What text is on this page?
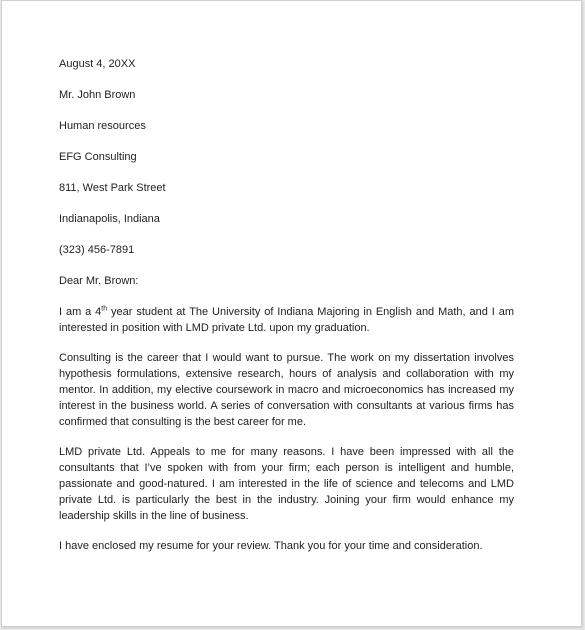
August 4, 20XX
Mr. John Brown
Human resources
EFG Consulting
811, West Park Street
Indianapolis, Indiana
(323) 456-7891
Dear Mr. Brown:
I am a 4th year student at The University of Indiana Majoring in English and Math, and I am interested in position with LMD private Ltd. upon my graduation.
Consulting is the career that I would want to pursue. The work on my dissertation involves hypothesis formulations, extensive research, hours of analysis and collaboration with my mentor. In addition, my elective coursework in macro and microeconomics has increased my interest in the business world. A series of conversation with consultants at various firms has confirmed that consulting is the best career for me.
LMD private Ltd. Appeals to me for many reasons. I have been impressed with all the consultants that I’ve spoken with from your firm; each person is intelligent and humble, passionate and good-natured. I am interested in the life of science and telecoms and LMD private Ltd. is particularly the best in the industry. Joining your firm would enhance my leadership skills in the line of business.
I have enclosed my resume for your review. Thank you for your time and consideration.
